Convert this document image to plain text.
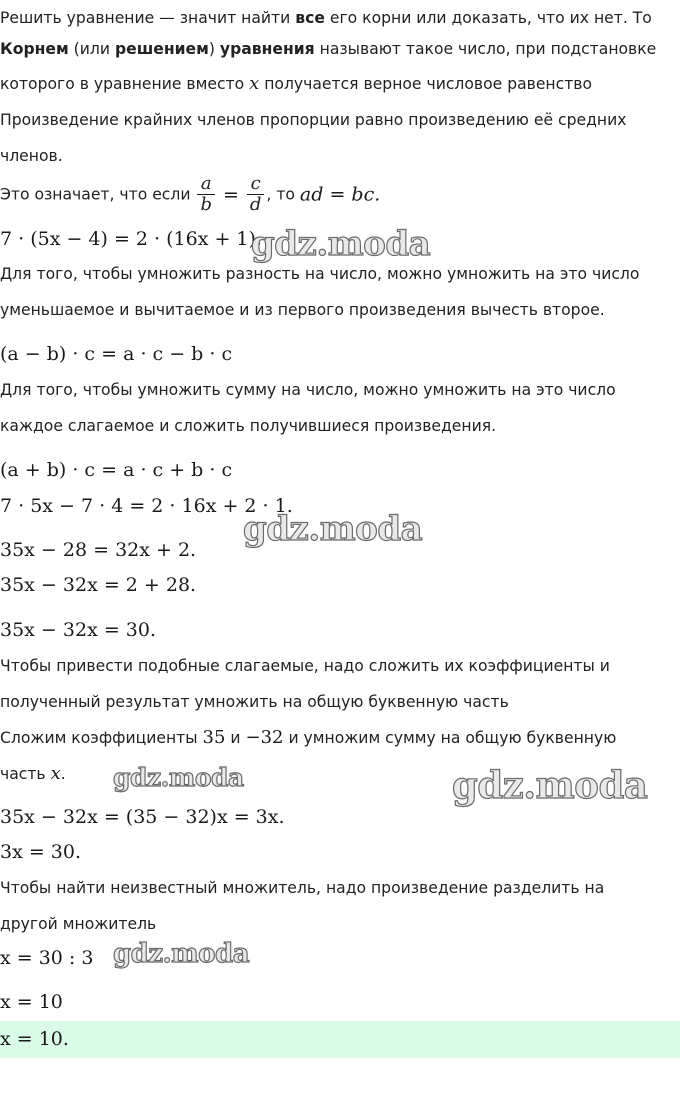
Решить уравнение — значит найти все его корни или доказать, что их нет. То
Корнем (или решением) уравнения называют такое число, при подстановке
которого в уравнение вместо x получается верное числовое равенство
Произведение крайних членов пропорции равно произведению её средних
членов.
Это означает, что если $\frac{a}{b} = \frac{c}{d}$ , то ad = bc.
7 · (5x − 4) = 2 · (16x + 1).
Для того, чтобы умножить разность на число, можно умножить на это число
уменьшаемое и вычитаемое и из первого произведения вычесть второе.
(a − b) · c = a · c − b · c
Для того, чтобы умножить сумму на число, можно умножить на это число
каждое слагаемое и сложить получившиеся произведения.
(a + b) · c = a · c + b · c
7 · 5x − 7 · 4 = 2 · 16x + 2 · 1.
35x − 28 = 32x + 2.
35x − 32x = 2 + 28.
35x − 32x = 30.
Чтобы привести подобные слагаемые, надо сложить их коэффициенты и
полученный результат умножить на общую буквенную часть
Сложим коэффициенты 35 и −32 и умножим сумму на общую буквенную
часть x.
35x − 32x = (35 − 32)x = 3x.
3x = 30.
Чтобы найти неизвестный множитель, надо произведение разделить на
другой множитель
x = 30 : 3
x = 10
x = 10.
gdz.moda
gdz.moda
gdz.moda	gdz.moda
gdz.moda
